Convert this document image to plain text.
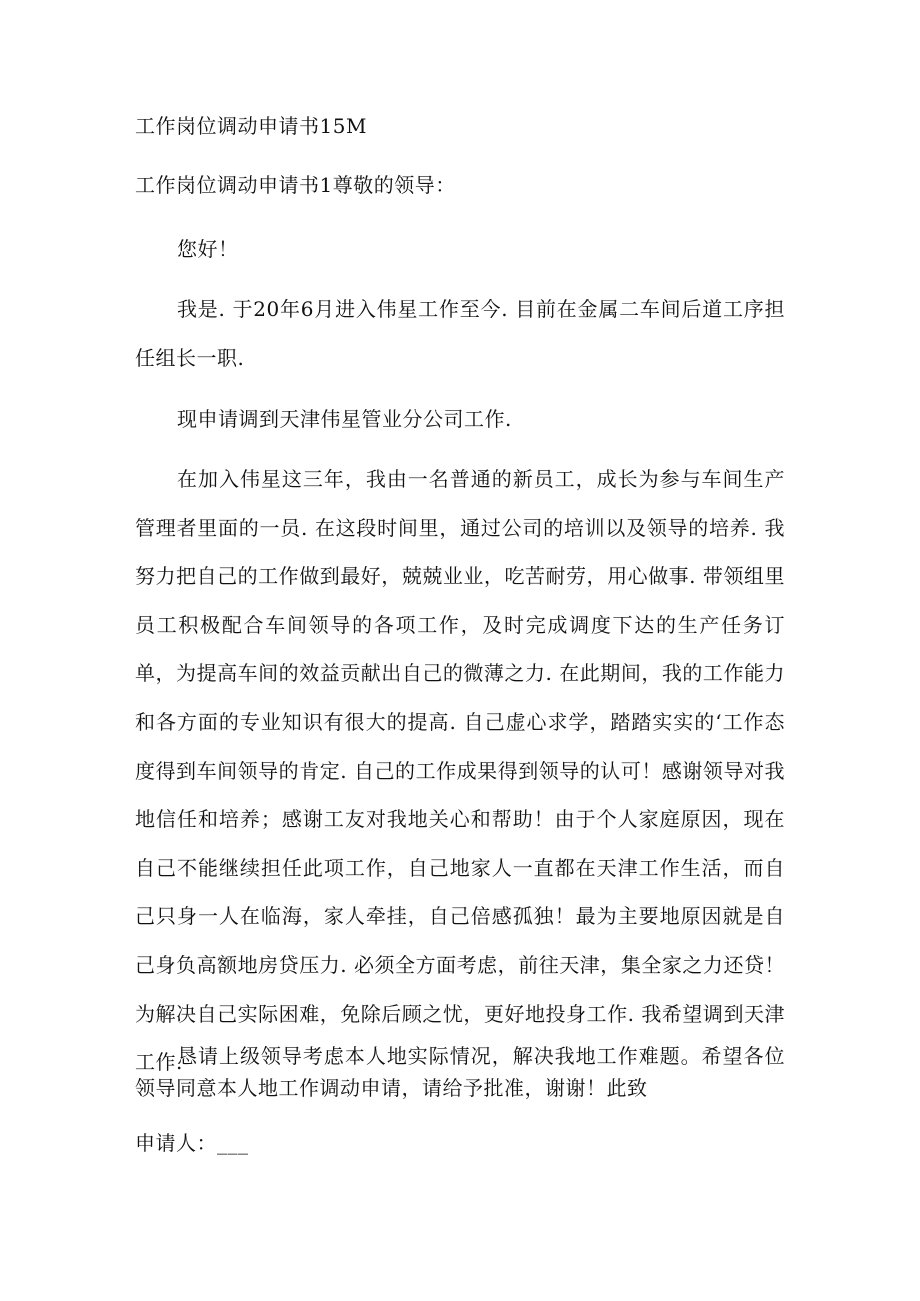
工作岗位调动申请书15M
工作岗位调动申请书1尊敬的领导：
您好！
我是. 于20年6月进入伟星工作至今. 目前在金属二车间后道工序担任组长一职.
现申请调到天津伟星管业分公司工作.
在加入伟星这三年，我由一名普通的新员工，成长为参与车间生产管理者里面的一员. 在这段时间里，通过公司的培训以及领导的培养. 我努力把自己的工作做到最好，兢兢业业，吃苦耐劳，用心做事. 带领组里员工积极配合车间领导的各项工作，及时完成调度下达的生产任务订单，为提高车间的效益贡献出自己的微薄之力. 在此期间，我的工作能力和各方面的专业知识有很大的提高. 自己虚心求学，踏踏实实的‘工作态度得到车间领导的肯定. 自己的工作成果得到领导的认可！感谢领导对我地信任和培养；感谢工友对我地关心和帮助！由于个人家庭原因，现在自己不能继续担任此项工作，自己地家人一直都在天津工作生活，而自己只身一人在临海，家人牵挂，自己倍感孤独！最为主要地原因就是自己身负高额地房贷压力. 必须全方面考虑，前往天津，集全家之力还贷！为解决自己实际困难，免除后顾之忧，更好地投身工作. 我希望调到天津工作.
恳请上级领导考虑本人地实际情况，解决我地工作难题。希望各位领导同意本人地工作调动申请，请给予批准，谢谢！此致
申请人：___
